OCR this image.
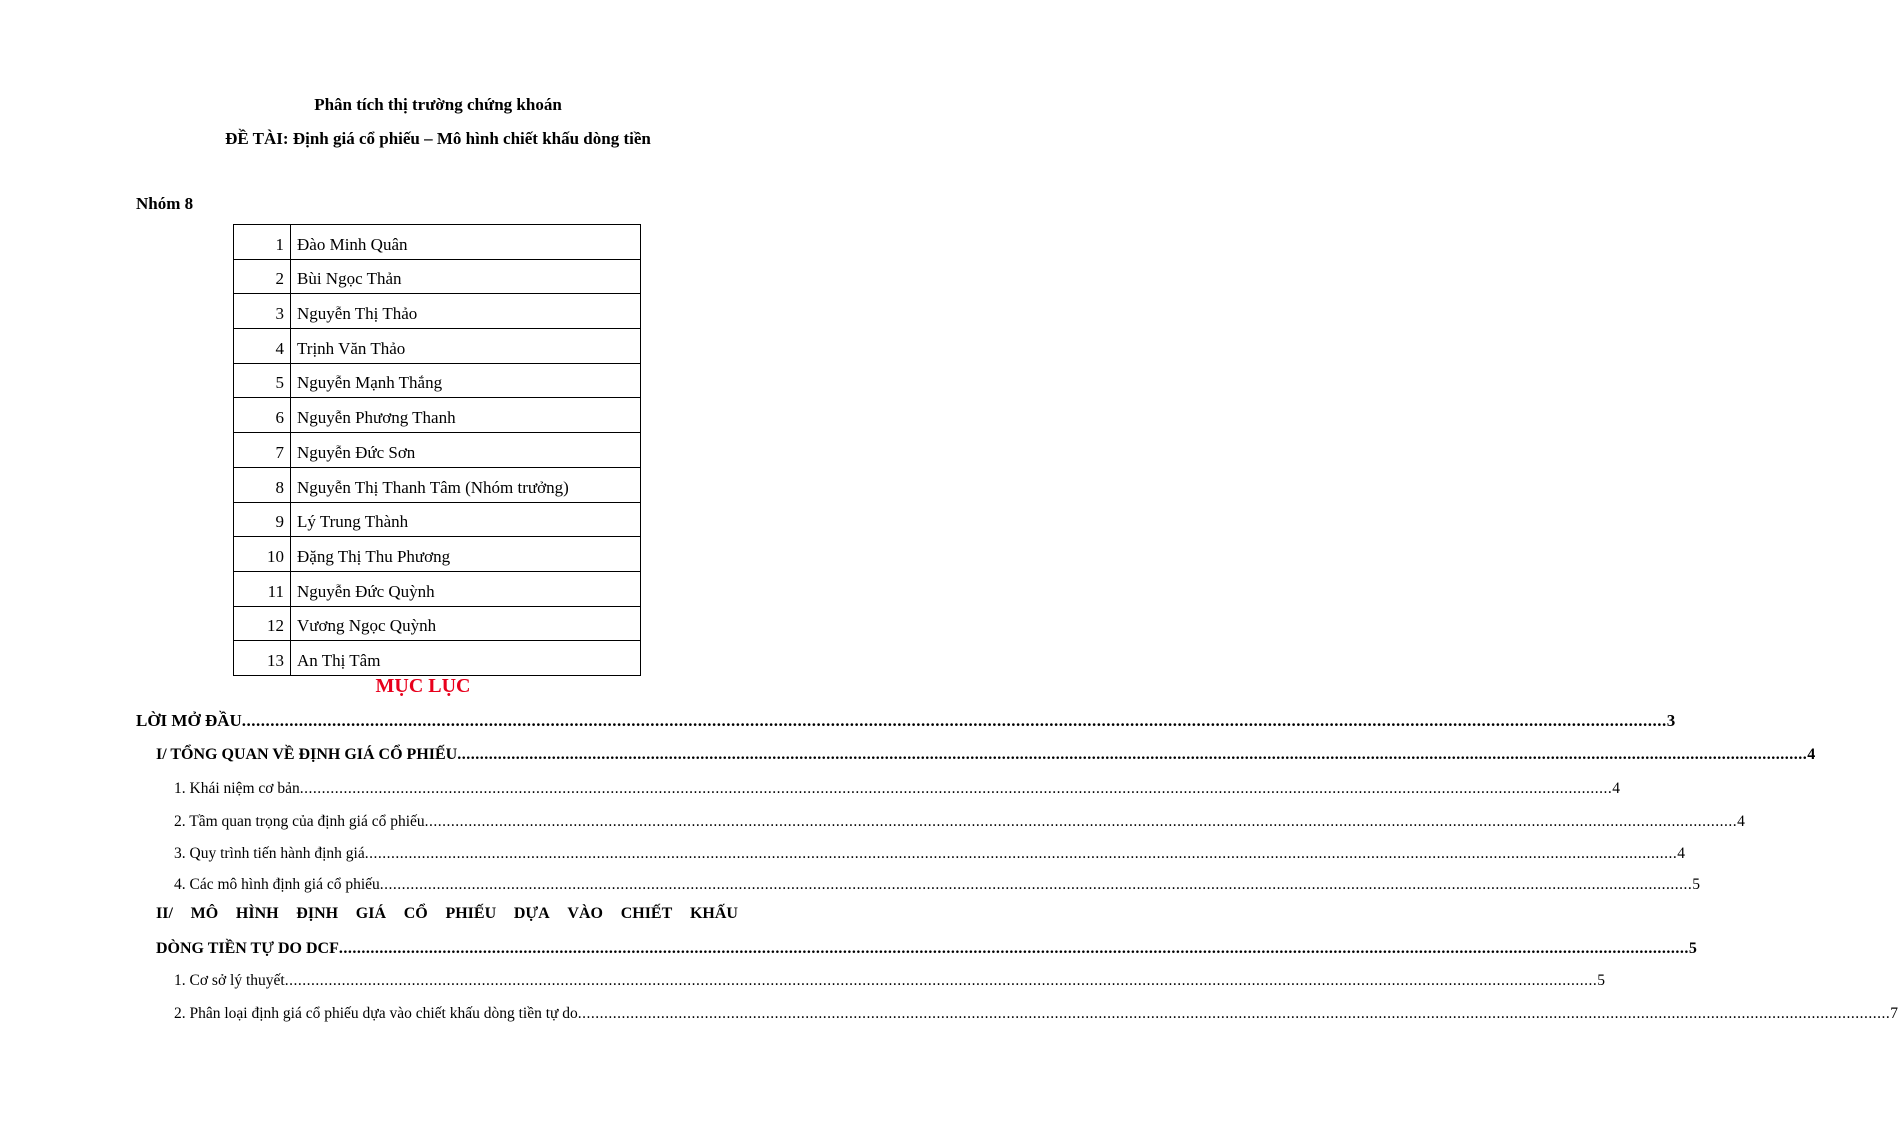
Phân tích thị trường chứng khoán
ĐỀ TÀI: Định giá cổ phiếu – Mô hình chiết khấu dòng tiền
Nhóm 8
1	Đào Minh Quân
2	Bùi Ngọc Thản
3	Nguyễn Thị Thảo
4	Trịnh Văn Thảo
5	Nguyễn Mạnh Thắng
6	Nguyễn Phương Thanh
7	Nguyễn Đức Sơn
8	Nguyễn Thị Thanh Tâm (Nhóm trưởng)
9	Lý Trung Thành
10	Đặng Thị Thu Phương
11	Nguyễn Đức Quỳnh
12	Vương Ngọc Quỳnh
13	An Thị Tâm
MỤC LỤC
LỜI MỞ ĐẦU ............................................................................................................................................................................................................................................................................................................ 3
I/ TỔNG QUAN VỀ ĐỊNH GIÁ CỔ PHIẾU ............................................................................................................................................................................................................................................................................................................ 4
1. Khái niệm cơ bản ............................................................................................................................................................................................................................................................................................................ 4
2. Tầm quan trọng của định giá cổ phiếu ............................................................................................................................................................................................................................................................................................................ 4
3. Quy trình tiến hành định giá ............................................................................................................................................................................................................................................................................................................ 4
4. Các mô hình định giá cổ phiếu ............................................................................................................................................................................................................................................................................................................ 5
II/ MÔ HÌNH ĐỊNH GIÁ CỔ PHIẾU DỰA VÀO CHIẾT KHẤU
DÒNG TIỀN TỰ DO DCF ............................................................................................................................................................................................................................................................................................................ 5
1. Cơ sở lý thuyết ............................................................................................................................................................................................................................................................................................................ 5
2. Phân loại định giá cổ phiếu dựa vào chiết khấu dòng tiền tự do ............................................................................................................................................................................................................................................................................................................ 7
